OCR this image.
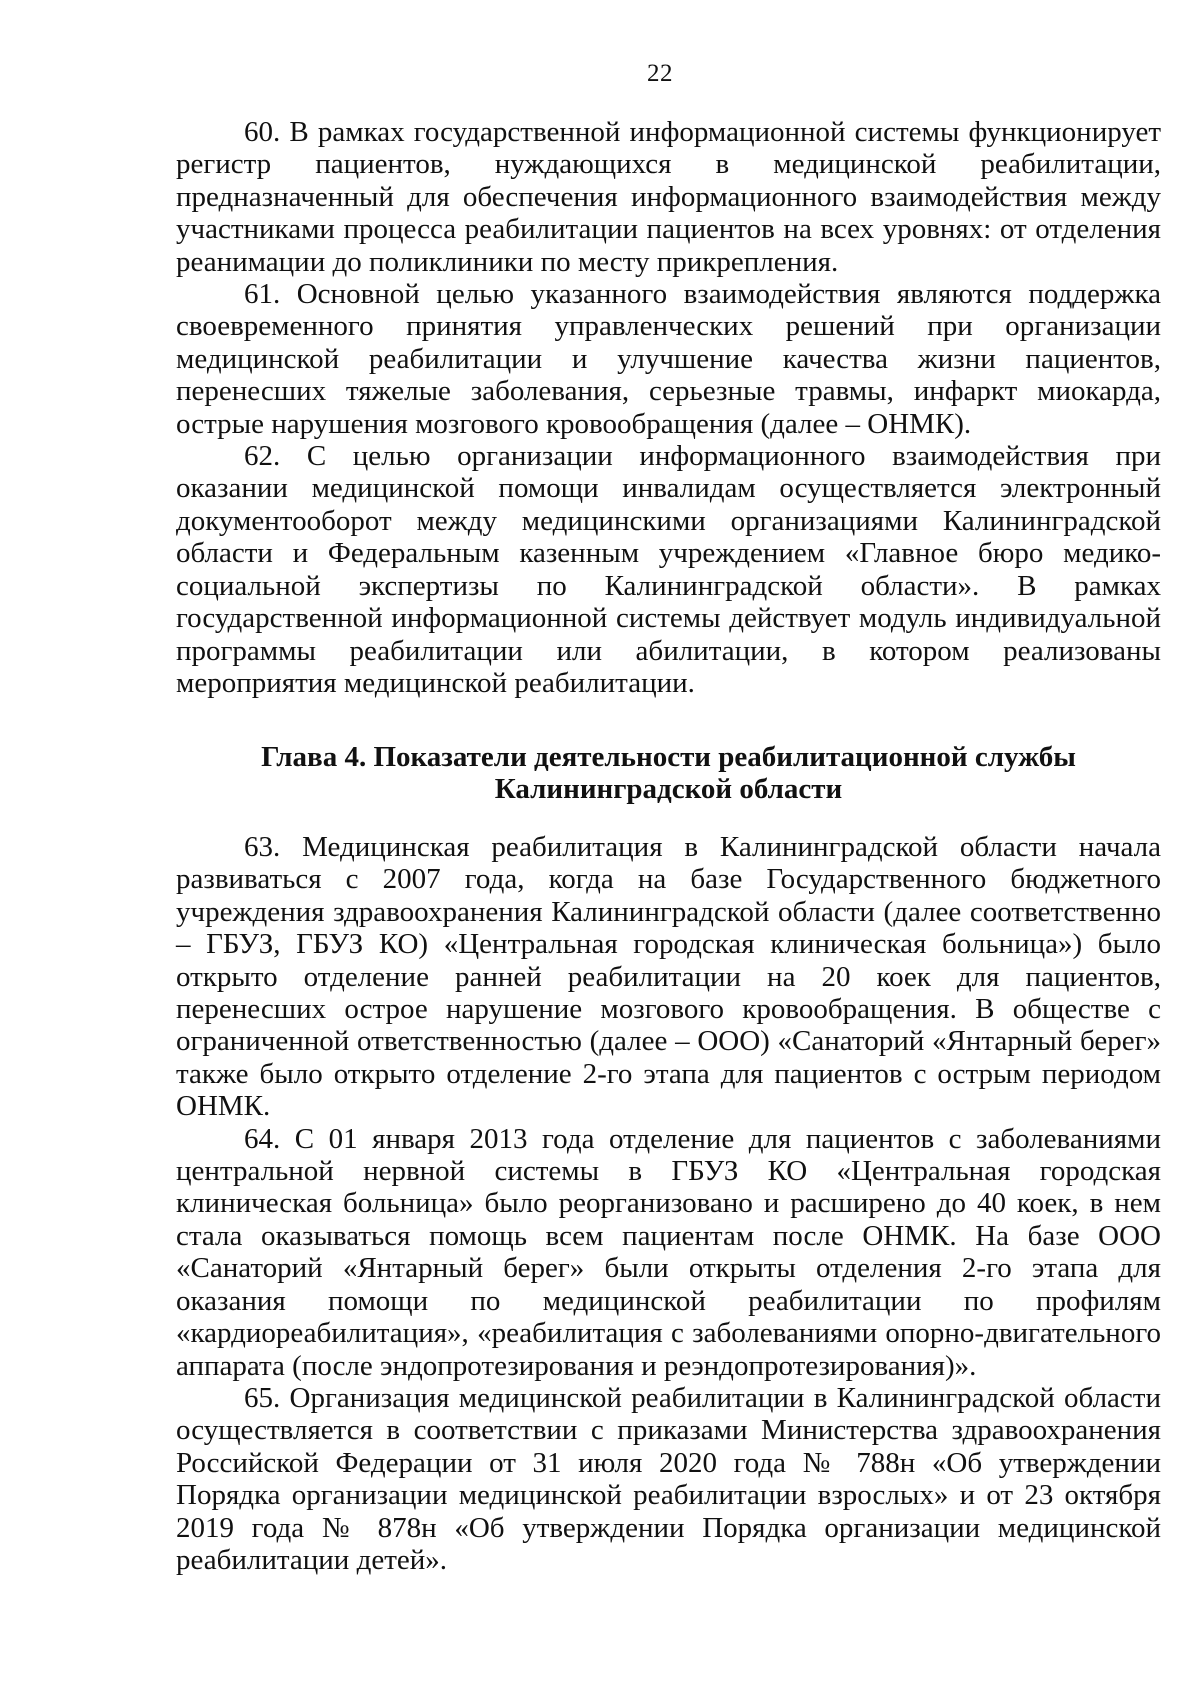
22

60. В рамках государственной информационной системы функционирует регистр пациентов, нуждающихся в медицинской реабилитации, предназначенный для обеспечения информационного взаимодействия между участниками процесса реабилитации пациентов на всех уровнях: от отделения реанимации до поликлиники по месту прикрепления.

61. Основной целью указанного взаимодействия являются поддержка своевременного принятия управленческих решений при организации медицинской реабилитации и улучшение качества жизни пациентов, перенесших тяжелые заболевания, серьезные травмы, инфаркт миокарда, острые нарушения мозгового кровообращения (далее – ОНМК).

62. С целью организации информационного взаимодействия при оказании медицинской помощи инвалидам осуществляется электронный документооборот между медицинскими организациями Калининградской области и Федеральным казенным учреждением «Главное бюро медико-социальной экспертизы по Калининградской области». В рамках государственной информационной системы действует модуль индивидуальной программы реабилитации или абилитации, в котором реализованы мероприятия медицинской реабилитации.

Глава 4. Показатели деятельности реабилитационной службы
Калининградской области

63. Медицинская реабилитация в Калининградской области начала развиваться с 2007 года, когда на базе Государственного бюджетного учреждения здравоохранения Калининградской области (далее соответственно – ГБУЗ, ГБУЗ КО) «Центральная городская клиническая больница») было открыто отделение ранней реабилитации на 20 коек для пациентов, перенесших острое нарушение мозгового кровообращения. В обществе с ограниченной ответственностью (далее – ООО) «Санаторий «Янтарный берег» также было открыто отделение 2-го этапа для пациентов с острым периодом ОНМК.

64. С 01 января 2013 года отделение для пациентов с заболеваниями центральной нервной системы в ГБУЗ КО «Центральная городская клиническая больница» было реорганизовано и расширено до 40 коек, в нем стала оказываться помощь всем пациентам после ОНМК. На базе ООО «Санаторий «Янтарный берег» были открыты отделения 2-го этапа для оказания помощи по медицинской реабилитации по профилям «кардиореабилитация», «реабилитация с заболеваниями опорно-двигательного аппарата (после эндопротезирования и реэндопротезирования)».

65. Организация медицинской реабилитации в Калининградской области осуществляется в соответствии с приказами Министерства здравоохранения Российской Федерации от 31 июля 2020 года № 788н «Об утверждении Порядка организации медицинской реабилитации взрослых» и от 23 октября 2019 года № 878н «Об утверждении Порядка организации медицинской реабилитации детей».
